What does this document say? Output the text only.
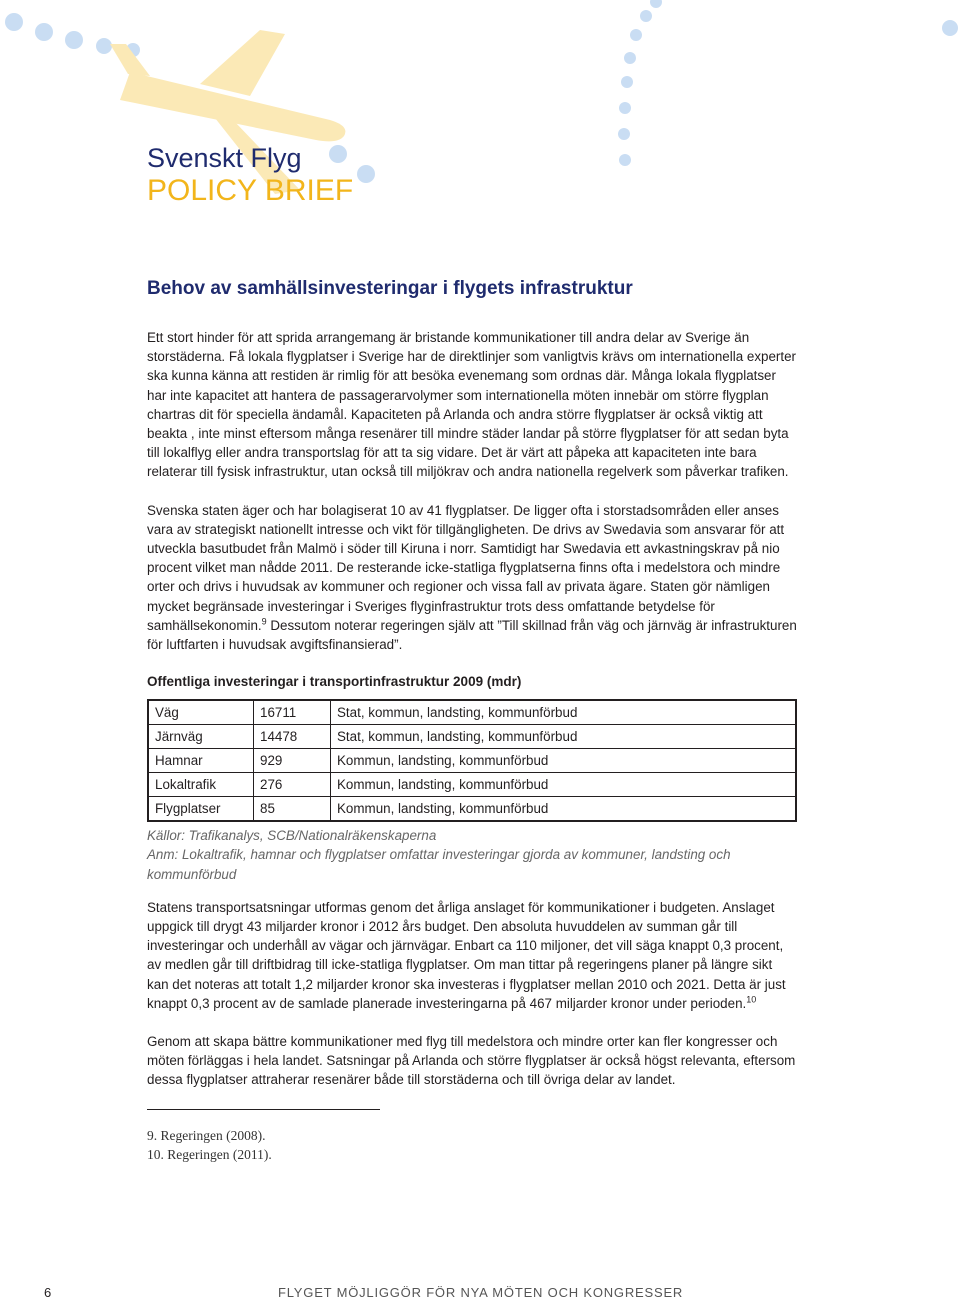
Svenskt Flyg
POLICY BRIEF
Behov av samhällsinvesteringar i flygets infrastruktur

Ett stort hinder för att sprida arrangemang är bristande kommunikationer till andra delar av Sverige än storstäderna. Få lokala flygplatser i Sverige har de direktlinjer som vanligtvis krävs om internationella experter ska kunna känna att restiden är rimlig för att besöka evenemang som ordnas där. Många lokala flygplatser har inte kapacitet att hantera de passagerarvolymer som internationella möten innebär om större flygplan chartras dit för speciella ändamål. Kapaciteten på Arlanda och andra större flygplatser är också viktig att beakta , inte minst eftersom många resenärer till mindre städer landar på större flygplatser för att sedan byta till lokalflyg eller andra transportslag för att ta sig vidare. Det är värt att påpeka att kapaciteten inte bara relaterar till fysisk infrastruktur, utan också till miljökrav och andra nationella regelverk som påverkar trafiken.

Svenska staten äger och har bolagiserat 10 av 41 flygplatser. De ligger ofta i storstadsområden eller anses vara av strategiskt nationellt intresse och vikt för tillgängligheten. De drivs av Swedavia som ansvarar för att utveckla basutbudet från Malmö i söder till Kiruna i norr. Samtidigt har Swedavia ett avkastningskrav på nio procent vilket man nådde 2011. De resterande icke-statliga flygplatserna finns ofta i medelstora och mindre orter och drivs i huvudsak av kommuner och regioner och vissa fall av privata ägare. Staten gör nämligen mycket begränsade investeringar i Sveriges flyginfrastruktur trots dess omfattande betydelse för samhällsekonomin.$^9$ Dessutom noterar regeringen själv att ”Till skillnad från väg och järnväg är infrastrukturen för luftfarten i huvudsak avgiftsfinansierad”.

Offentliga investeringar i transportinfrastruktur 2009 (mdr)
Väg	16711	Stat, kommun, landsting, kommunförbud
Järnväg	14478	Stat, kommun, landsting, kommunförbud
Hamnar	929	Kommun, landsting, kommunförbud
Lokaltrafik	276	Kommun, landsting, kommunförbud
Flygplatser	85	Kommun, landsting, kommunförbud

Källor: Trafikanalys, SCB/Nationalräkenskaperna

Anm: Lokaltrafik, hamnar och flygplatser omfattar investeringar gjorda av kommuner, landsting och kommunförbud

Statens transportsatsningar utformas genom det årliga anslaget för kommunikationer i budgeten. Anslaget uppgick till drygt 43 miljarder kronor i 2012 års budget. Den absoluta huvuddelen av summan går till investeringar och underhåll av vägar och järnvägar. Enbart ca 110 miljoner, det vill säga knappt 0,3 procent, av medlen går till driftbidrag till icke-statliga flygplatser. Om man tittar på regeringens planer på längre sikt kan det noteras att totalt 1,2 miljarder kronor ska investeras i flygplatser mellan 2010 och 2021. Detta är just knappt 0,3 procent av de samlade planerade investeringarna på 467 miljarder kronor under perioden.$^{10}$

Genom att skapa bättre kommunikationer med flyg till medelstora och mindre orter kan fler kongresser och möten förläggas i hela landet. Satsningar på Arlanda och större flygplatser är också högst relevanta, eftersom dessa flygplatser attraherar resenärer både till storstäderna och till övriga delar av landet.

9. Regeringen (2008).

10. Regeringen (2011).

6	FLYGET MÖJLIGGÖR FÖR NYA MÖTEN OCH KONGRESSER
